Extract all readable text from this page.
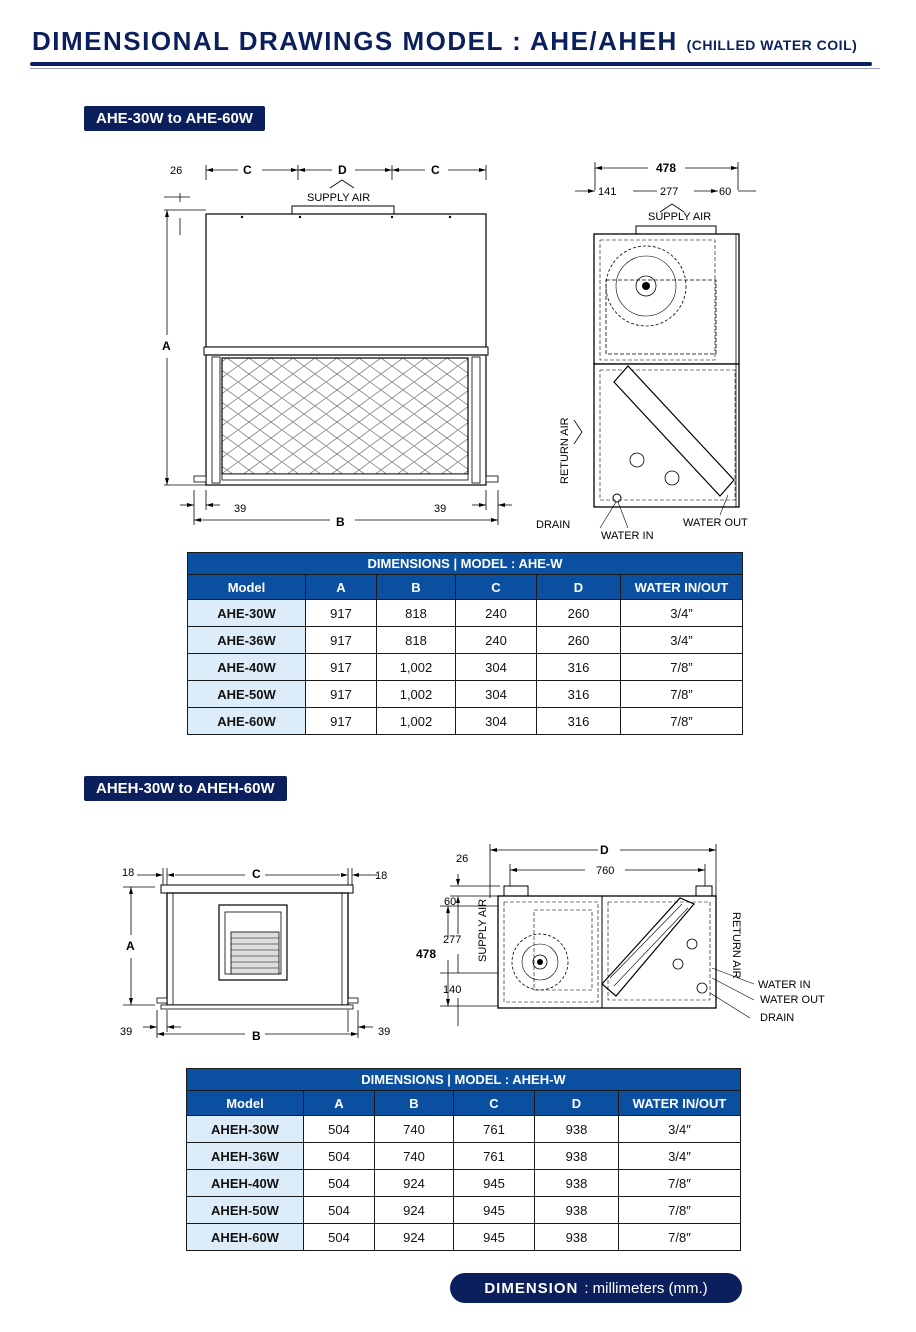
DIMENSIONAL DRAWINGS MODEL : AHE/AHEH (CHILLED WATER COIL)
AHE-30W to AHE-60W
26	C	D	C
SUPPLY AIR
A
39	39
B
478
141	277	60
SUPPLY AIR
DRAIN
WATER IN
WATER OUT
RETURN AIR
DIMENSIONS | MODEL : AHE-W					
Model	A	B	C	D	WATER IN/OUT
AHE-30W	917	818	240	260	3/4”
AHE-36W	917	818	240	260	3/4”
AHE-40W	917	1,002	304	316	7/8”
AHE-50W	917	1,002	304	316	7/8”
AHE-60W	917	1,002	304	316	7/8”
AHEH-30W to AHEH-60W
18	C	18
A
39	B	39
D
26
760
60
277
478
140
SUPPLY AIR	RETURN AIR
WATER IN
WATER OUT
DRAIN
DIMENSIONS | MODEL : AHEH-W					
Model	A	B	C	D	WATER IN/OUT
AHEH-30W	504	740	761	938	3/4″
AHEH-36W	504	740	761	938	3/4″
AHEH-40W	504	924	945	938	7/8″
AHEH-50W	504	924	945	938	7/8″
AHEH-60W	504	924	945	938	7/8″
DIMENSION : millimeters (mm.)
